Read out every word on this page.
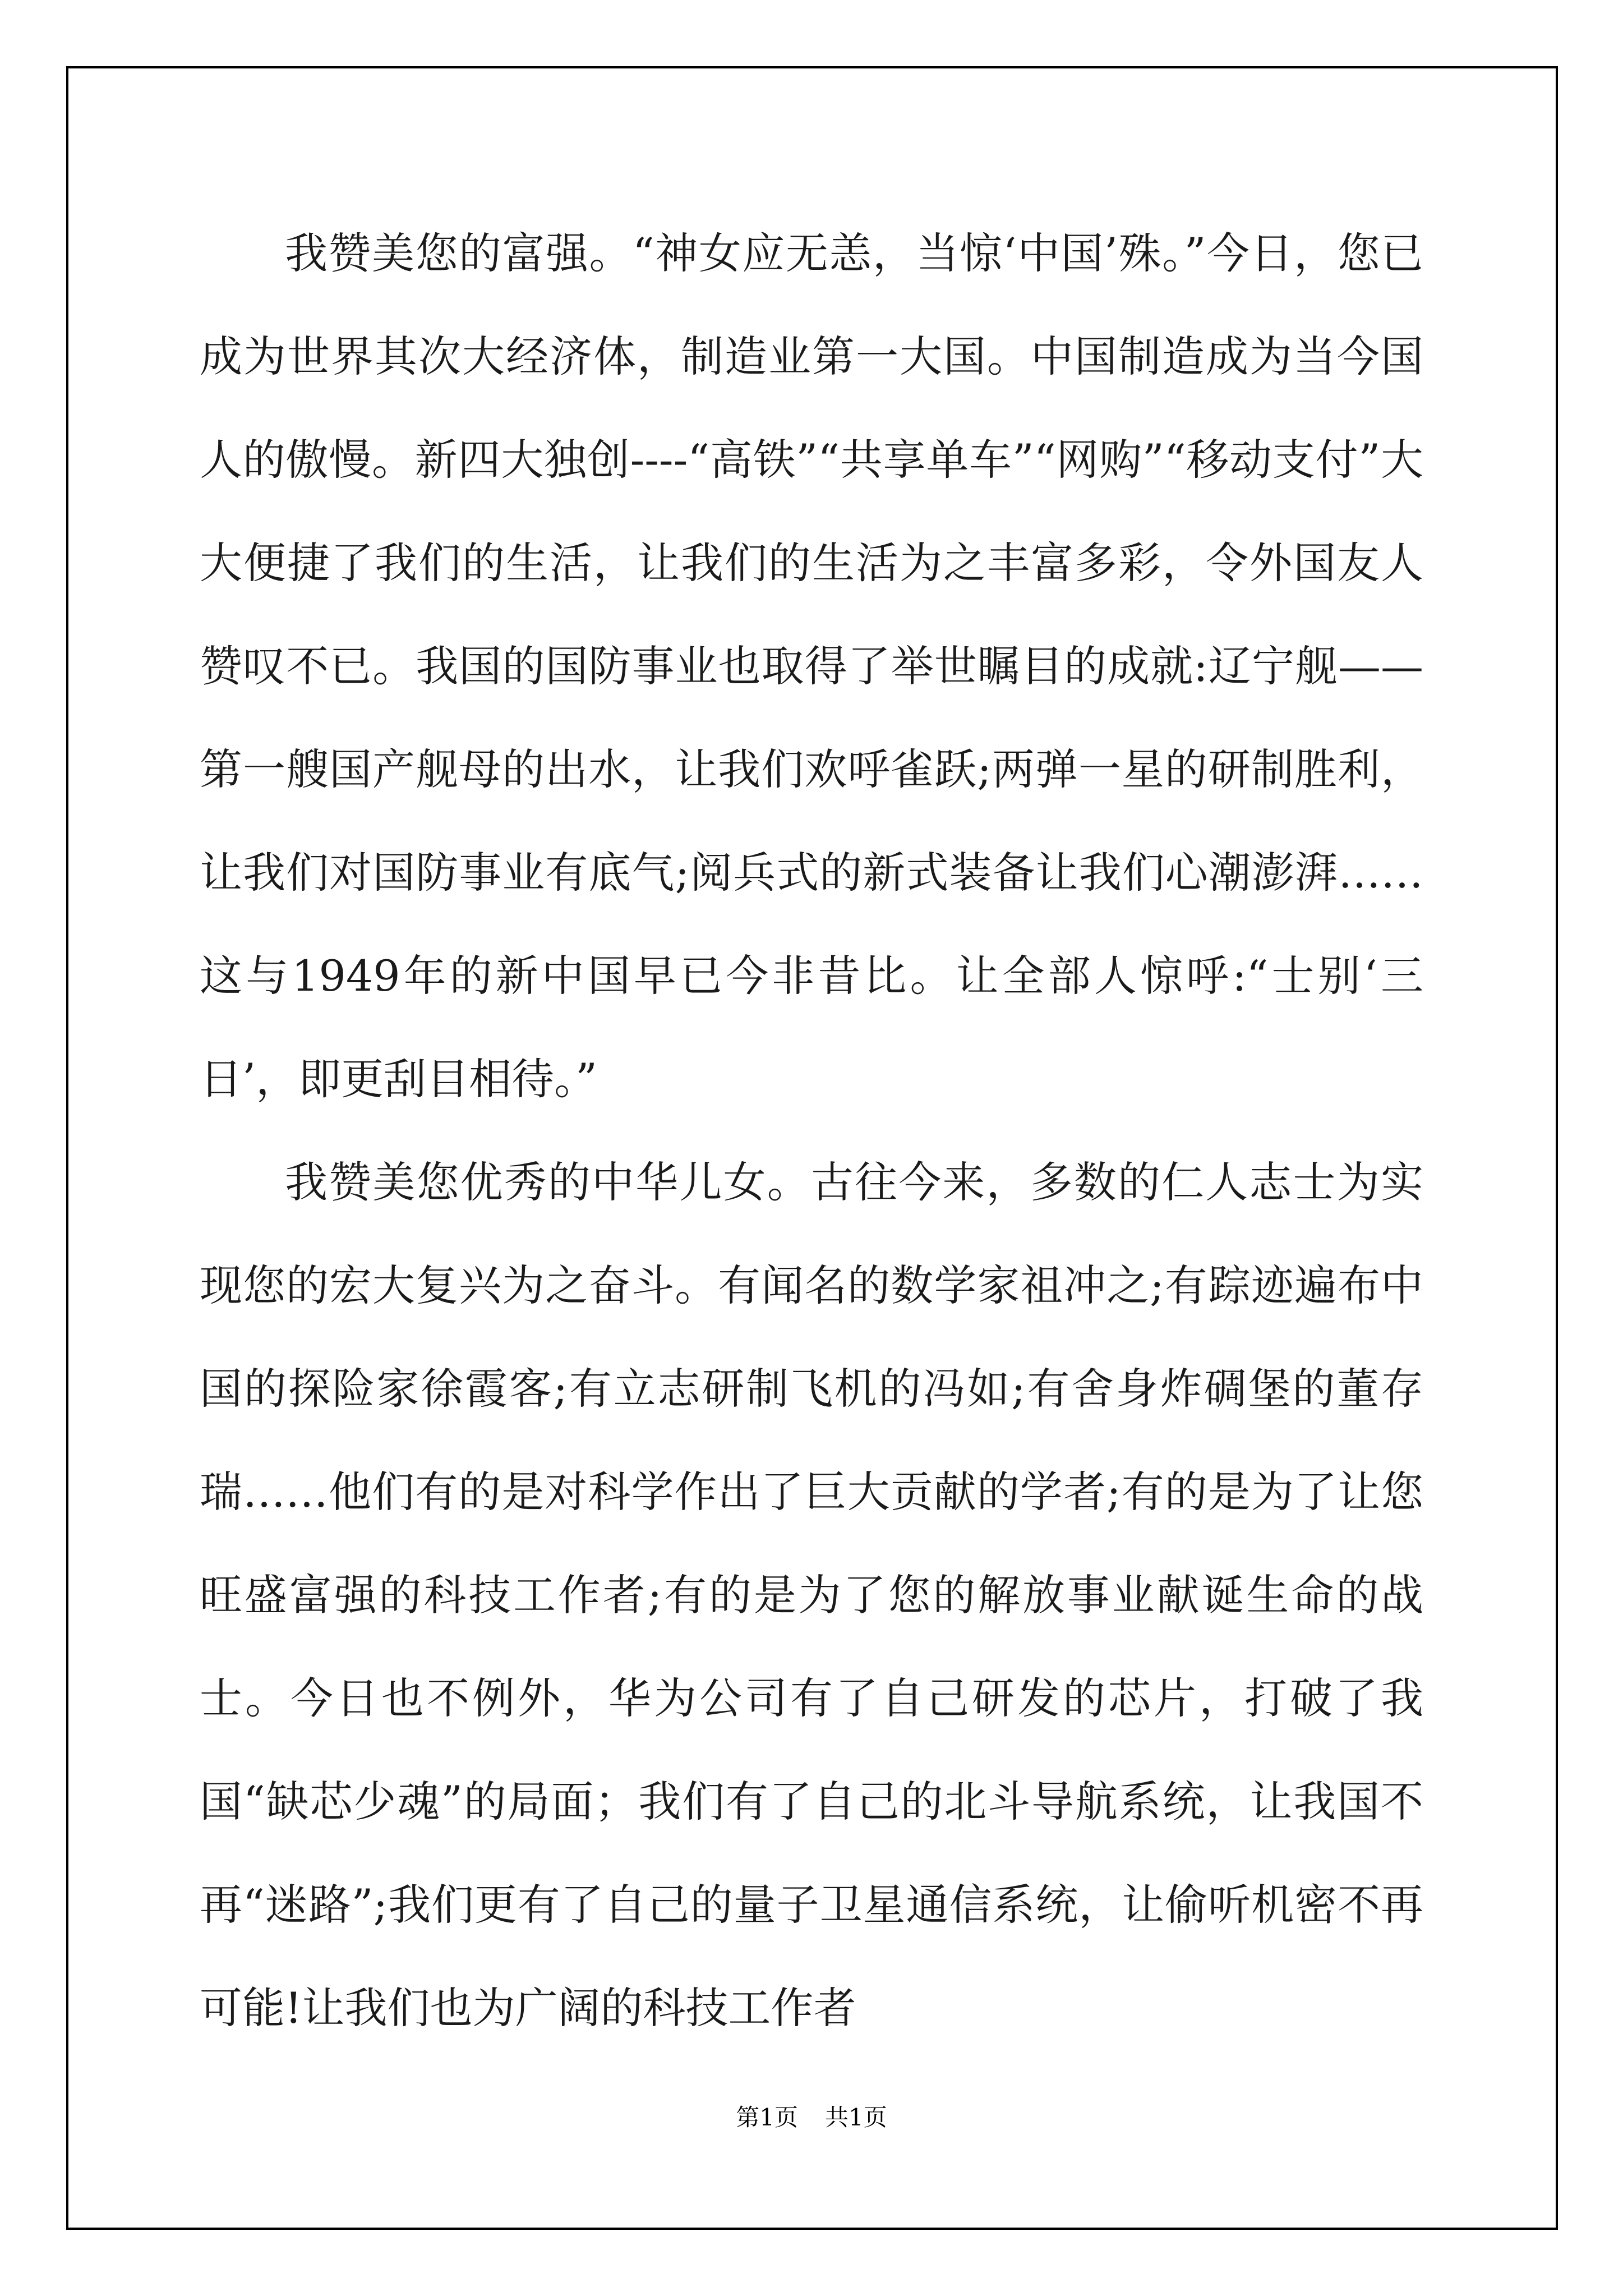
我赞美您的富强。“神女应无恙，当惊‘中国’殊。”今日，您已成为世界其次大经济体，制造业第一大国。中国制造成为当今国人的傲慢。新四大独创----“高铁”“共享单车”“网购”“移动支付”大大便捷了我们的生活，让我们的生活为之丰富多彩，令外国友人赞叹不已。我国的国防事业也取得了举世瞩目的成就:辽宁舰——第一艘国产舰母的出水，让我们欢呼雀跃;两弹一星的研制胜利，让我们对国防事业有底气;阅兵式的新式装备让我们心潮澎湃……这与1949年的新中国早已今非昔比。让全部人惊呼:“士别‘三日’，即更刮目相待。”

我赞美您优秀的中华儿女。古往今来，多数的仁人志士为实现您的宏大复兴为之奋斗。有闻名的数学家祖冲之;有踪迹遍布中国的探险家徐霞客;有立志研制飞机的冯如;有舍身炸碉堡的董存瑞……他们有的是对科学作出了巨大贡献的学者;有的是为了让您旺盛富强的科技工作者;有的是为了您的解放事业献诞生命的战士。今日也不例外，华为公司有了自己研发的芯片，打破了我国“缺芯少魂”的局面；我们有了自己的北斗导航系统，让我国不再“迷路”;我们更有了自己的量子卫星通信系统，让偷听机密不再可能!让我们也为广阔的科技工作者

第1页 共1页
